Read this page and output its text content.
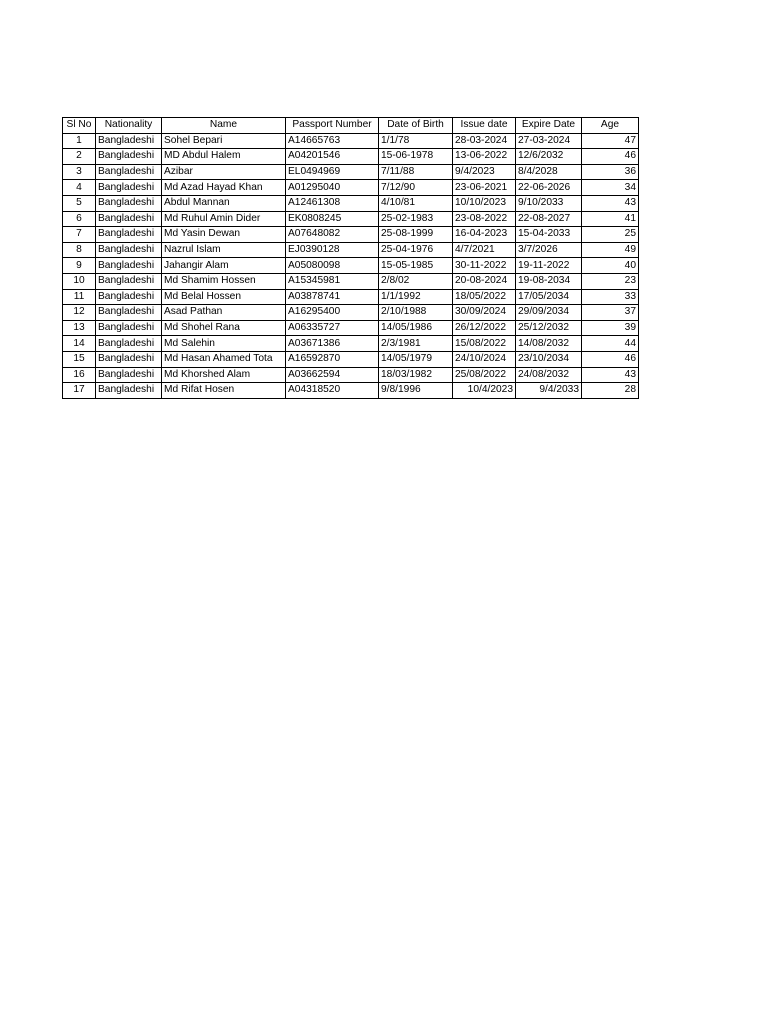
Sl No	Nationality	Name	Passport Number	Date of Birth	Issue date	Expire Date	Age
1	Bangladeshi	Sohel Bepari	A14665763	1/1/78	28-03-2024	27-03-2024	47
2	Bangladeshi	MD Abdul Halem	A04201546	15-06-1978	13-06-2022	12/6/2032	46
3	Bangladeshi	Azibar	EL0494969	7/11/88	9/4/2023	8/4/2028	36
4	Bangladeshi	Md Azad Hayad Khan	A01295040	7/12/90	23-06-2021	22-06-2026	34
5	Bangladeshi	Abdul Mannan	A12461308	4/10/81	10/10/2023	9/10/2033	43
6	Bangladeshi	Md Ruhul Amin Dider	EK0808245	25-02-1983	23-08-2022	22-08-2027	41
7	Bangladeshi	Md Yasin Dewan	A07648082	25-08-1999	16-04-2023	15-04-2033	25
8	Bangladeshi	Nazrul Islam	EJ0390128	25-04-1976	4/7/2021	3/7/2026	49
9	Bangladeshi	Jahangir Alam	A05080098	15-05-1985	30-11-2022	19-11-2022	40
10	Bangladeshi	Md Shamim Hossen	A15345981	2/8/02	20-08-2024	19-08-2034	23
11	Bangladeshi	Md Belal Hossen	A03878741	1/1/1992	18/05/2022	17/05/2034	33
12	Bangladeshi	Asad Pathan	A16295400	2/10/1988	30/09/2024	29/09/2034	37
13	Bangladeshi	Md Shohel Rana	A06335727	14/05/1986	26/12/2022	25/12/2032	39
14	Bangladeshi	Md Salehin	A03671386	2/3/1981	15/08/2022	14/08/2032	44
15	Bangladeshi	Md Hasan Ahamed Tota	A16592870	14/05/1979	24/10/2024	23/10/2034	46
16	Bangladeshi	Md Khorshed Alam	A03662594	18/03/1982	25/08/2022	24/08/2032	43
17	Bangladeshi	Md Rifat Hosen	A04318520	9/8/1996	10/4/2023	9/4/2033	28
